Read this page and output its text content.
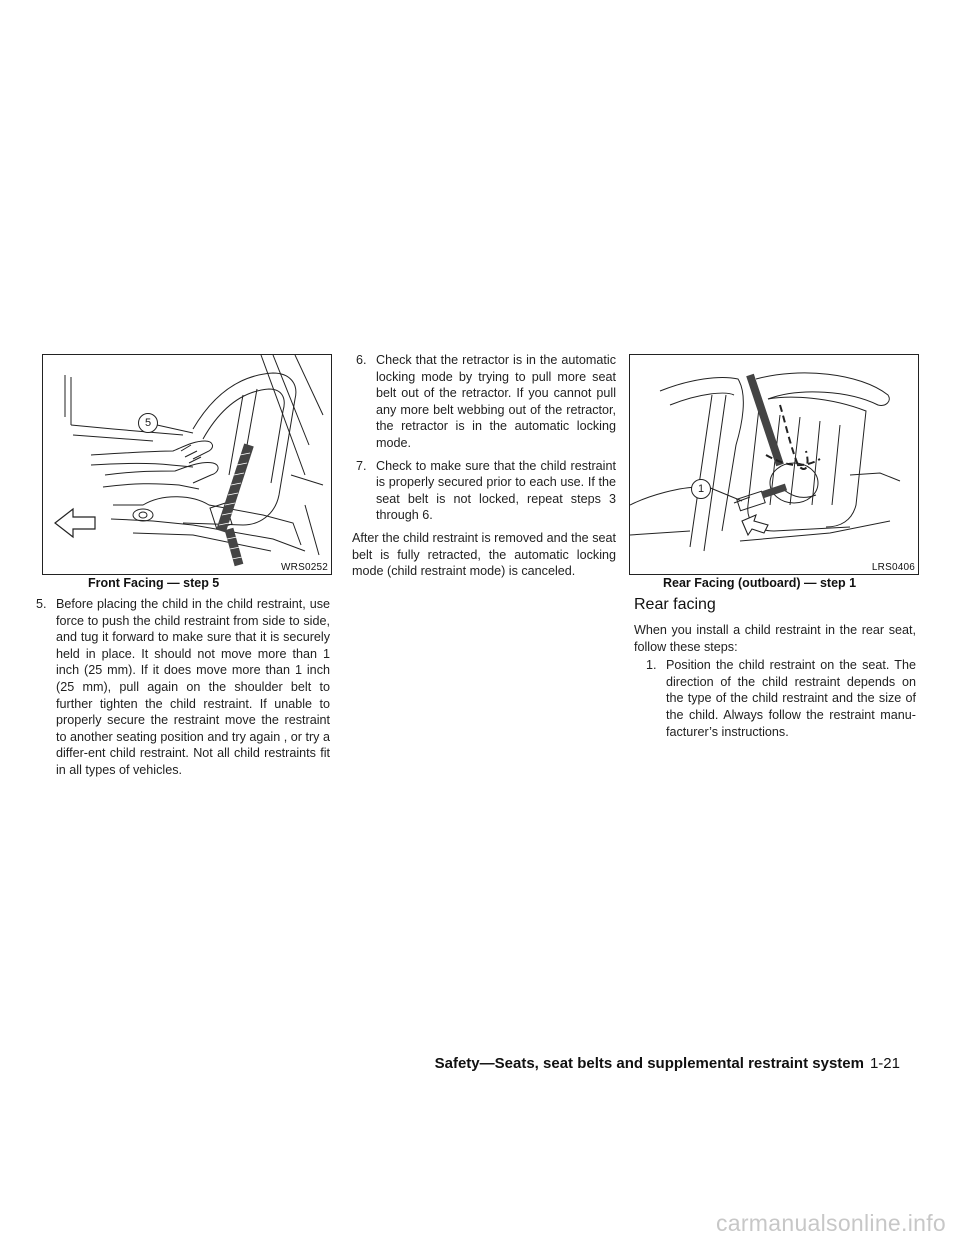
5
WRS0252
Front Facing — step 5
1
LRS0406
Rear Facing (outboard) — step 1
5. Before placing the child in the child restraint, use force to push the child restraint from side to side, and tug it forward to make sure that it is securely held in place. It should not move more than 1 inch (25 mm). If it does move more than 1 inch (25 mm), pull again on the shoulder belt to further tighten the child restraint. If unable to properly secure the restraint move the restraint to another seating position and try again , or try a differ-ent child restraint. Not all child restraints fit in all types of vehicles.
6. Check that the retractor is in the automatic locking mode by trying to pull more seat belt out of the retractor. If you cannot pull any more belt webbing out of the retractor, the retractor is in the automatic locking mode.
7. Check to make sure that the child restraint is properly secured prior to each use. If the seat belt is not locked, repeat steps 3 through 6.

After the child restraint is removed and the seat belt is fully retracted, the automatic locking mode (child restraint mode) is canceled.

Rear facing

When you install a child restraint in the rear seat, follow these steps:

1. Position the child restraint on the seat. The direction of the child restraint depends on the type of the child restraint and the size of the child. Always follow the restraint manu-facturer’s instructions.
Safety—Seats, seat belts and supplemental restraint system 1-21
carmanualsonline.info
